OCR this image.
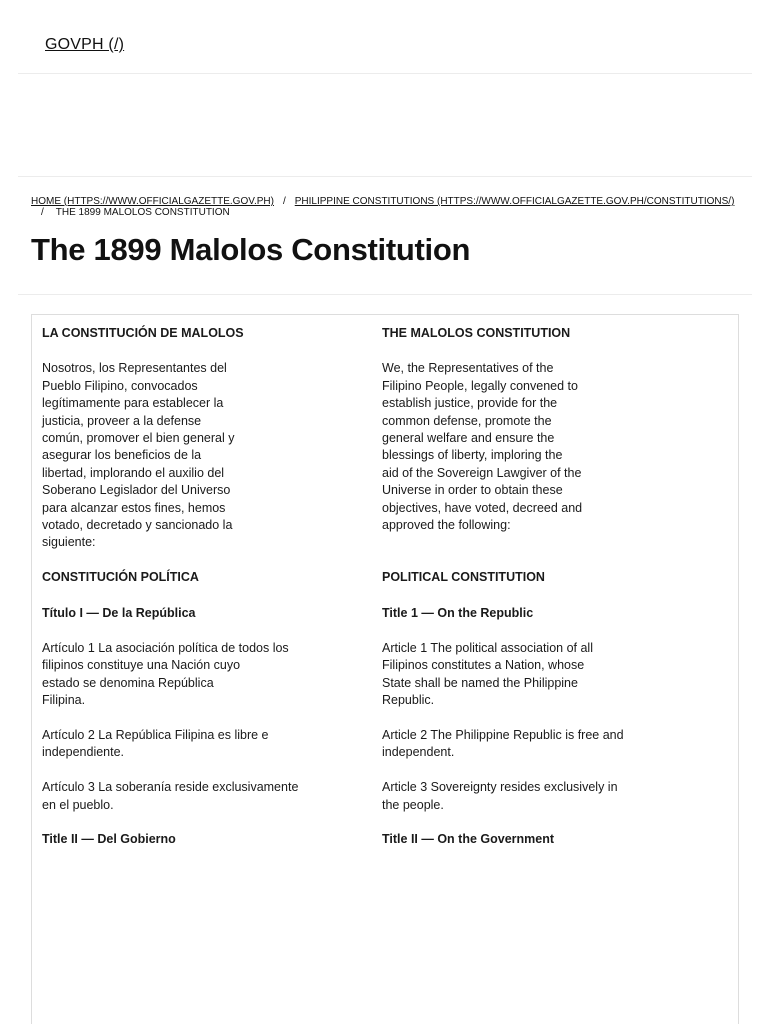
GOVPH (/)
HOME (HTTPS://WWW.OFFICIALGAZETTE.GOV.PH) / PHILIPPINE CONSTITUTIONS (HTTPS://WWW.OFFICIALGAZETTE.GOV.PH/CONSTITUTIONS/)
/ THE 1899 MALOLOS CONSTITUTION
The 1899 Malolos Constitution
LA CONSTITUCIÓN DE MALOLOS
Nosotros, los Representantes del
Pueblo Filipino, convocados
legítimamente para establecer la
justicia, proveer a la defense
común, promover el bien general y
asegurar los beneficios de la
libertad, implorando el auxilio del
Soberano Legislador del Universo
para alcanzar estos fines, hemos
votado, decretado y sancionado la
siguiente:
CONSTITUCIÓN POLÍTICA
Título I — De la República
Artículo 1 La asociación política de todos los
filipinos constituye una Nación cuyo
estado se denomina República
Filipina.
Artículo 2 La República Filipina es libre e
independiente.
Artículo 3 La soberanía reside exclusivamente
en el pueblo.
Title II — Del Gobierno
THE MALOLOS CONSTITUTION
We, the Representatives of the
Filipino People, legally convened to
establish justice, provide for the
common defense, promote the
general welfare and ensure the
blessings of liberty, imploring the
aid of the Sovereign Lawgiver of the
Universe in order to obtain these
objectives, have voted, decreed and
approved the following:
POLITICAL CONSTITUTION
Title 1 — On the Republic
Article 1 The political association of all
Filipinos constitutes a Nation, whose
State shall be named the Philippine
Republic.
Article 2 The Philippine Republic is free and
independent.
Article 3 Sovereignty resides exclusively in
the people.
Title II — On the Government
